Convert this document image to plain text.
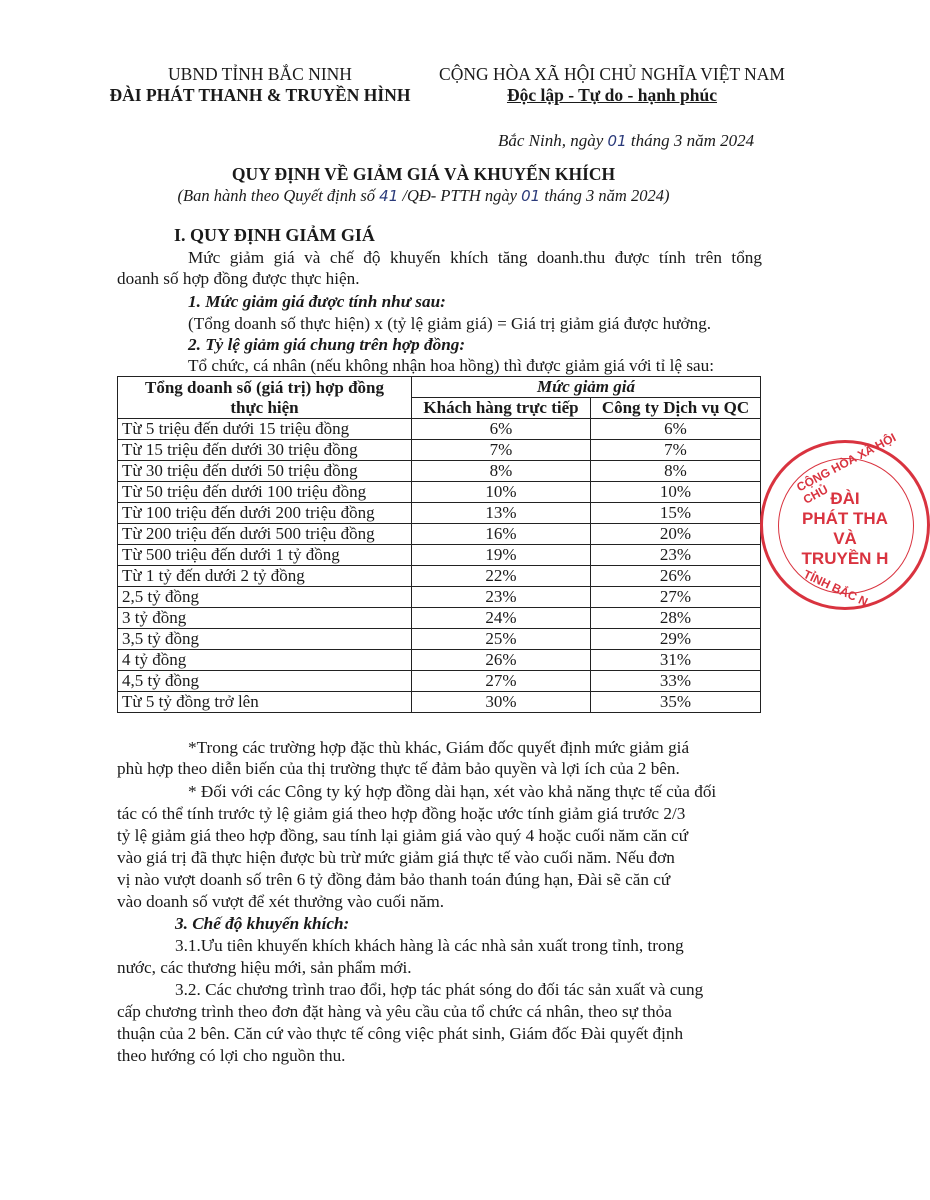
UBND TỈNH BẮC NINH
ĐÀI PHÁT THANH & TRUYỀN HÌNH
CỘNG HÒA XÃ HỘI CHỦ NGHĨA VIỆT NAM
Độc lập - Tự do - hạnh phúc
Bắc Ninh, ngày 01 tháng 3 năm 2024
QUY ĐỊNH VỀ GIẢM GIÁ VÀ KHUYẾN KHÍCH
(Ban hành theo Quyết định số 41 /QĐ- PTTH ngày 01 tháng 3 năm 2024)
I. QUY ĐỊNH GIẢM GIÁ
Mức giảm giá và chế độ khuyến khích tăng doanh.thu được tính trên tổng
doanh số hợp đồng được thực hiện.
1. Mức giảm giá được tính như sau:
(Tổng doanh số thực hiện) x (tỷ lệ giảm giá) = Giá trị giảm giá được hưởng.
2. Tỷ lệ giảm giá chung trên hợp đồng:
Tổ chức, cá nhân (nếu không nhận hoa hồng) thì được giảm giá với tỉ lệ sau:
Tổng doanh số (giá trị) hợp đồng
thực hiện	Mức giảm giá	
	Khách hàng trực tiếp	Công ty Dịch vụ QC
Từ 5 triệu đến dưới 15 triệu đồng	6%	6%
Từ 15 triệu đến dưới 30 triệu đồng	7%	7%
Từ 30 triệu đến dưới 50 triệu đồng	8%	8%
Từ 50 triệu đến dưới 100 triệu đồng	10%	10%
Từ 100 triệu đến dưới 200 triệu đồng	13%	15%
Từ 200 triệu đến dưới 500 triệu đồng	16%	20%
Từ 500 triệu đến dưới 1 tỷ đồng	19%	23%
Từ 1 tỷ đến dưới 2 tỷ đồng	22%	26%
2,5 tỷ đồng	23%	27%
3 tỷ đồng	24%	28%
3,5 tỷ đồng	25%	29%
4 tỷ đồng	26%	31%
4,5 tỷ đồng	27%	33%
Từ 5 tỷ đồng trở lên	30%	35%
*Trong các trường hợp đặc thù khác, Giám đốc quyết định mức giảm giá
phù hợp theo diễn biến của thị trường thực tế đảm bảo quyền và lợi ích của 2 bên.
* Đối với các Công ty ký hợp đồng dài hạn, xét vào khả năng thực tế của đối
tác có thể tính trước tỷ lệ giảm giá theo hợp đồng hoặc ước tính giảm giá trước 2/3
tỷ lệ giảm giá theo hợp đồng, sau tính lại giảm giá vào quý 4 hoặc cuối năm căn cứ
vào giá trị đã thực hiện được bù trừ mức giảm giá thực tế vào cuối năm. Nếu đơn
vị nào vượt doanh số trên 6 tỷ đồng đảm bảo thanh toán đúng hạn, Đài sẽ căn cứ
vào doanh số vượt để xét thưởng vào cuối năm.
3. Chế độ khuyến khích:
3.1.Ưu tiên khuyến khích khách hàng là các nhà sản xuất trong tỉnh, trong
nước, các thương hiệu mới, sản phẩm mới.
3.2. Các chương trình trao đổi, hợp tác phát sóng do đối tác sản xuất và cung
cấp chương trình theo đơn đặt hàng và yêu cầu của tổ chức cá nhân, theo sự thỏa
thuận của 2 bên. Căn cứ vào thực tế công việc phát sinh, Giám đốc Đài quyết định
theo hướng có lợi cho nguồn thu.
CỘNG HÒA XÃ HỘI CHỦ ĐÀI
PHÁT THA
VÀ
TRUYỀN H
TỈNH BẮC N
